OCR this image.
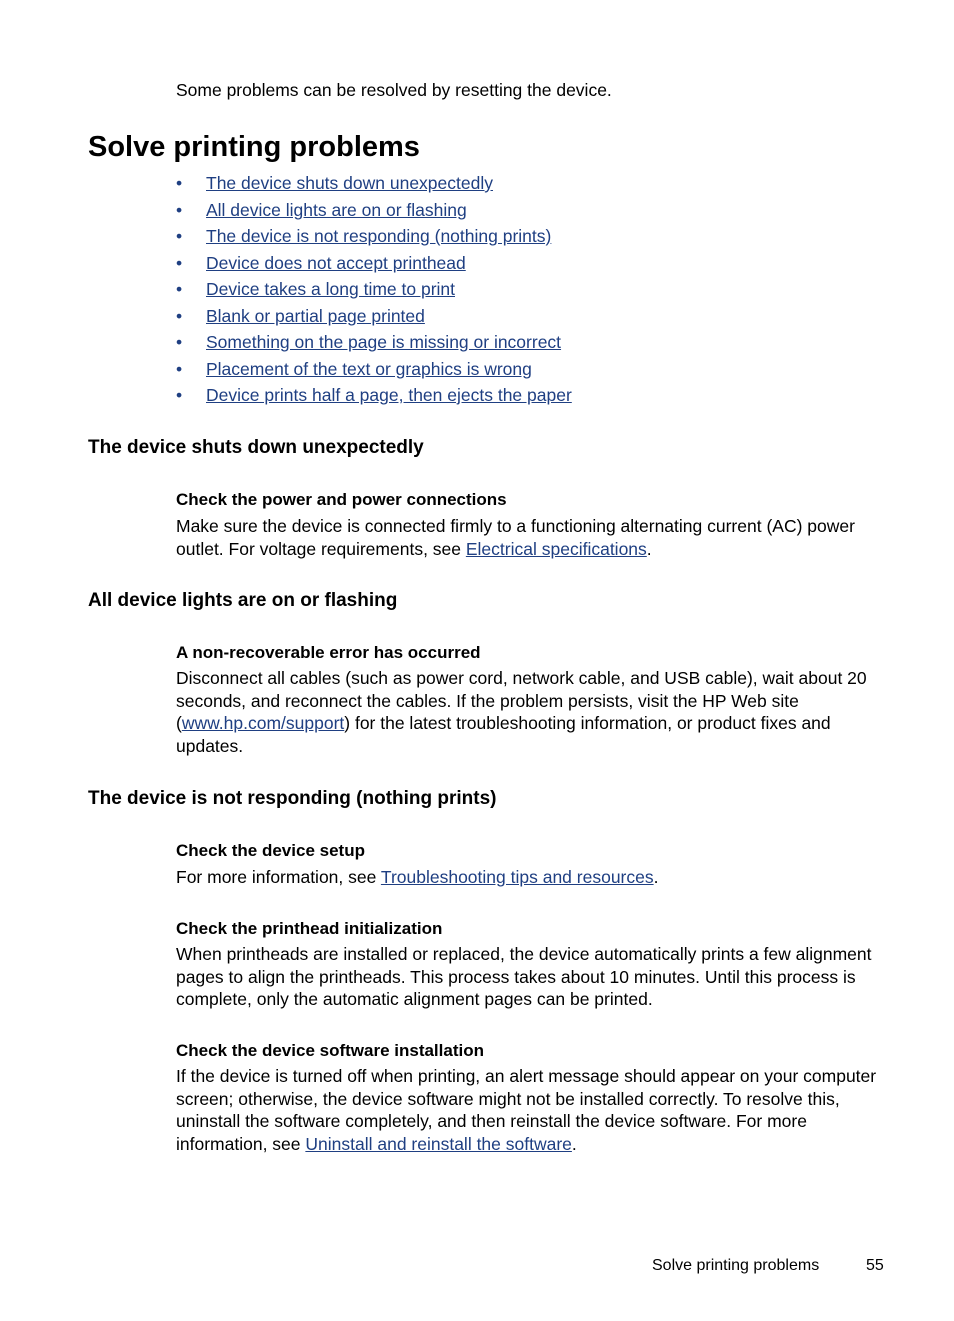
Some problems can be resolved by resetting the device.
Solve printing problems
• The device shuts down unexpectedly
• All device lights are on or flashing
• The device is not responding (nothing prints)
• Device does not accept printhead
• Device takes a long time to print
• Blank or partial page printed
• Something on the page is missing or incorrect
• Placement of the text or graphics is wrong
• Device prints half a page, then ejects the paper
The device shuts down unexpectedly
Check the power and power connections
Make sure the device is connected firmly to a functioning alternating current (AC) power outlet. For voltage requirements, see Electrical specifications.
All device lights are on or flashing
A non-recoverable error has occurred
Disconnect all cables (such as power cord, network cable, and USB cable), wait about 20 seconds, and reconnect the cables. If the problem persists, visit the HP Web site (www.hp.com/support) for the latest troubleshooting information, or product fixes and updates.
The device is not responding (nothing prints)
Check the device setup
For more information, see Troubleshooting tips and resources.
Check the printhead initialization
When printheads are installed or replaced, the device automatically prints a few alignment pages to align the printheads. This process takes about 10 minutes. Until this process is complete, only the automatic alignment pages can be printed.
Check the device software installation
If the device is turned off when printing, an alert message should appear on your computer screen; otherwise, the device software might not be installed correctly. To resolve this, uninstall the software completely, and then reinstall the device software. For more information, see Uninstall and reinstall the software.
Solve printing problems	55
